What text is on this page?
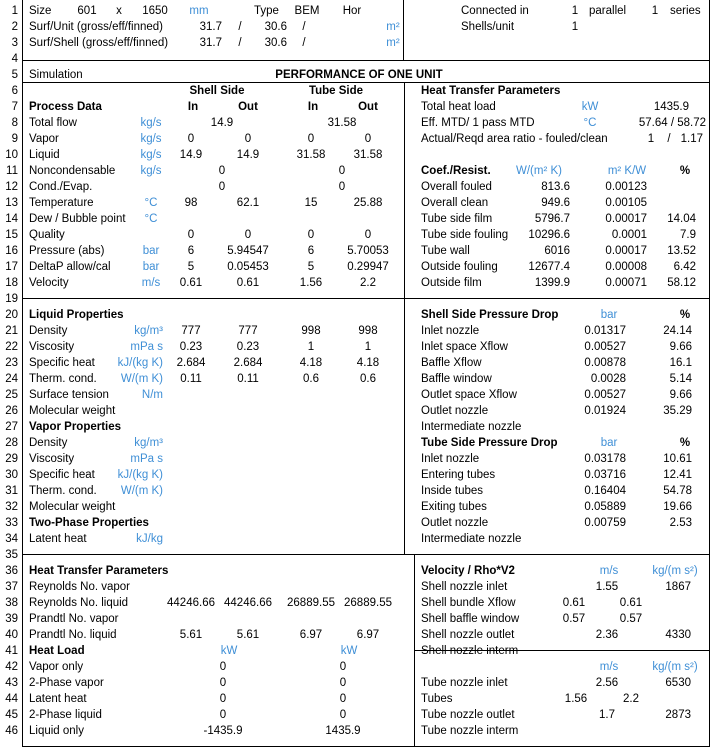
1
2
3
4
5
6
7
8
9
10
11
12
13
14
15
16
17
18
19
20
21
22
23
24
25
26
27
28
29
30
31
32
33
34
35
36
37
38
39
40
41
42
43
44
45
46
Size	601	x	1650	mm	Type	BEM	Hor	Connected in	1 parallel	1	series
Surf/Unit (gross/eff/finned)	31.7	/	30.6	/	m²	Shells/unit	1
Surf/Shell (gross/eff/finned)	31.7	/	30.6	/	m²
Simulation	PERFORMANCE OF ONE UNIT
Shell Side	Tube Side
Process Data	In	Out	In	Out
Total flow	kg/s	14.9	31.58
Vapor	kg/s	0	0	0	0
Liquid	kg/s	14.9	14.9	31.58	31.58
Noncondensable	kg/s	0	0
Cond./Evap.	0	0
Temperature	°C	98	62.1	15	25.88
Dew / Bubble point	°C
Quality	0	0	0	0
Pressure (abs)	bar	6	5.94547	6	5.70053
DeltaP allow/cal	bar	5	0.05453	5	0.29947
Velocity	m/s	0.61	0.61	1.56	2.2
Liquid Properties
Density	kg/m³	777	777	998	998
Viscosity	mPa s	0.23	0.23	1	1
Specific heat	kJ/(kg K)	2.684	2.684	4.18	4.18
Therm. cond.	W/(m K)	0.11	0.11	0.6	0.6
Surface tension	N/m
Molecular weight
Vapor Properties
Density	kg/m³
Viscosity	mPa s
Specific heat	kJ/(kg K)
Therm. cond.	W/(m K)
Molecular weight
Two-Phase Properties
Latent heat	kJ/kg
Heat Transfer Parameters
Total heat load	kW	1435.9
Eff. MTD/ 1 pass MTD	°C	57.64 / 58.72
Actual/Reqd area ratio - fouled/clean	1	/ 1.17
Coef./Resist.	W/(m² K)	m² K/W	%
Overall fouled	813.6	0.00123
Overall clean	949.6	0.00105
Tube side film	5796.7	0.00017	14.04
Tube side fouling	10296.6	0.0001	7.9
Tube wall	6016	0.00017	13.52
Outside fouling	12677.4	0.00008	6.42
Outside film	1399.9	0.00071	58.12
Shell Side Pressure Drop	bar	%
Inlet nozzle	0.01317	24.14
Inlet space Xflow	0.00527	9.66
Baffle Xflow	0.00878	16.1
Baffle window	0.0028	5.14
Outlet space Xflow	0.00527	9.66
Outlet nozzle	0.01924	35.29
Intermediate nozzle
Tube Side Pressure Drop	bar	%
Inlet nozzle	0.03178	10.61
Entering tubes	0.03716	12.41
Inside tubes	0.16404	54.78
Exiting tubes	0.05889	19.66
Outlet nozzle	0.00759	2.53
Intermediate nozzle
Heat Transfer Parameters
Reynolds No. vapor
Reynolds No. liquid	44246.66 44246.66	26889.55 26889.55
Prandtl No. vapor
Prandtl No. liquid	5.61	5.61	6.97	6.97
Heat Load	kW	kW
Vapor only	0	0
2-Phase vapor	0	0
Latent heat	0	0
2-Phase liquid	0	0
Liquid only	-1435.9	1435.9
Velocity / Rho*V2	m/s	kg/(m s²)
Shell nozzle inlet	1.55	1867
Shell bundle Xflow	0.61	0.61
Shell baffle window	0.57	0.57
Shell nozzle outlet	2.36	4330
Shell nozzle interm
m/s	kg/(m s²)
Tube nozzle inlet	2.56	6530
Tubes	1.56	2.2
Tube nozzle outlet	1.7	2873
Tube nozzle interm
